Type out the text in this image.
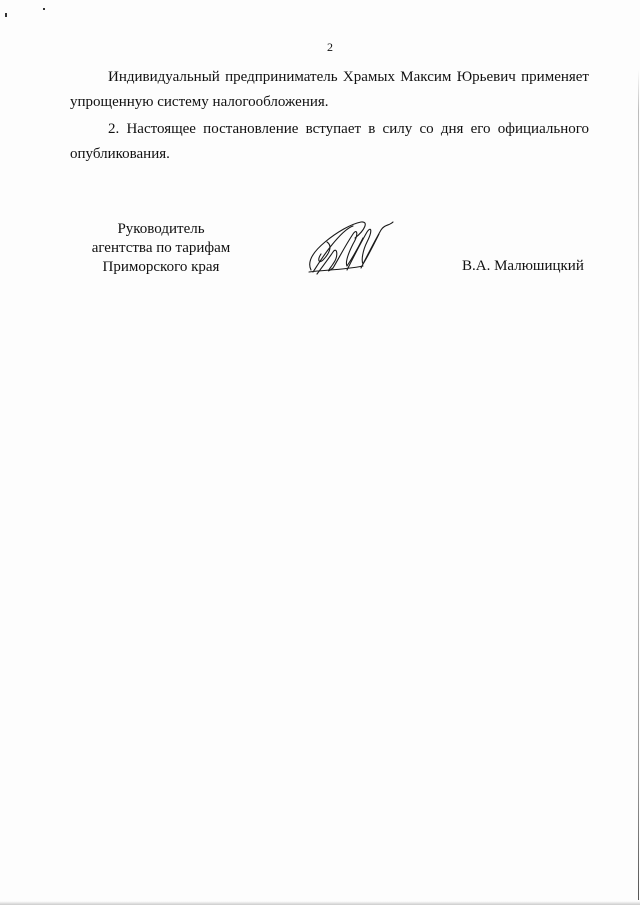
2
Индивидуальный предприниматель Храмых Максим Юрьевич применяет
упрощенную систему налогообложения.
2. Настоящее постановление вступает в силу со дня его официального
опубликования.
Руководитель
агентства по тарифам
Приморского края	В.А. Малюшицкий
